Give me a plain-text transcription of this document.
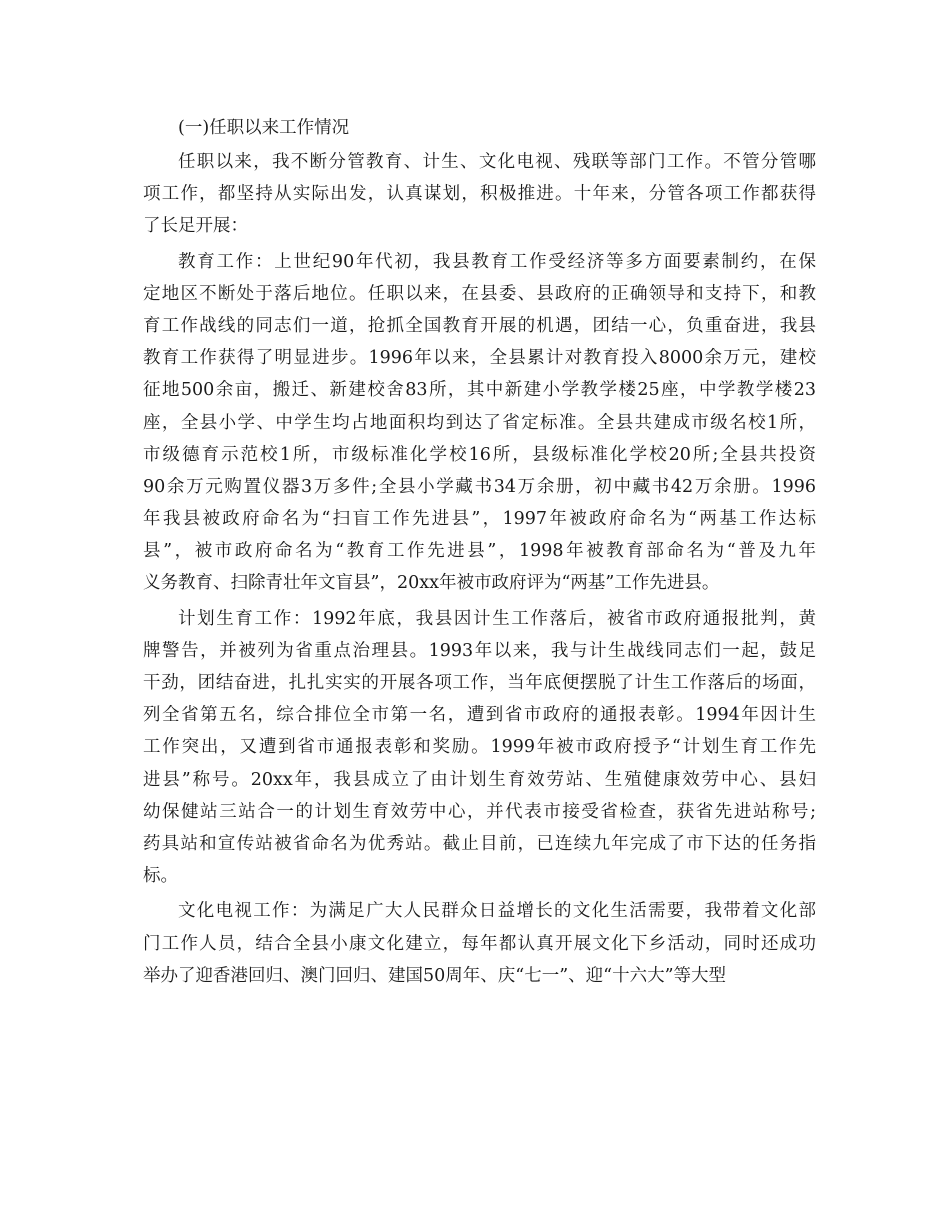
(一)任职以来工作情况
任职以来，我不断分管教育、计生、文化电视、残联等部门工作。不管分管哪
项工作，都坚持从实际出发，认真谋划，积极推进。十年来，分管各项工作都获得
了长足开展：
教育工作：上世纪90年代初，我县教育工作受经济等多方面要素制约，在保
定地区不断处于落后地位。任职以来，在县委、县政府的正确领导和支持下，和教
育工作战线的同志们一道，抢抓全国教育开展的机遇，团结一心，负重奋进，我县
教育工作获得了明显进步。1996年以来，全县累计对教育投入8000余万元，建校
征地500余亩，搬迁、新建校舍83所，其中新建小学教学楼25座，中学教学楼23
座，全县小学、中学生均占地面积均到达了省定标准。全县共建成市级名校1所，
市级德育示范校1所，市级标准化学校16所，县级标准化学校20所;全县共投资
90余万元购置仪器3万多件;全县小学藏书34万余册，初中藏书42万余册。1996
年我县被政府命名为“扫盲工作先进县”，1997年被政府命名为“两基工作达标
县”，被市政府命名为“教育工作先进县”，1998年被教育部命名为“普及九年
义务教育、扫除青壮年文盲县”，20xx年被市政府评为“两基”工作先进县。
计划生育工作：1992年底，我县因计生工作落后，被省市政府通报批判，黄
牌警告，并被列为省重点治理县。1993年以来，我与计生战线同志们一起，鼓足
干劲，团结奋进，扎扎实实的开展各项工作，当年底便摆脱了计生工作落后的场面，
列全省第五名，综合排位全市第一名，遭到省市政府的通报表彰。1994年因计生
工作突出，又遭到省市通报表彰和奖励。1999年被市政府授予“计划生育工作先
进县”称号。20xx年，我县成立了由计划生育效劳站、生殖健康效劳中心、县妇
幼保健站三站合一的计划生育效劳中心，并代表市接受省检查，获省先进站称号;
药具站和宣传站被省命名为优秀站。截止目前，已连续九年完成了市下达的任务指
标。
文化电视工作：为满足广大人民群众日益增长的文化生活需要，我带着文化部
门工作人员，结合全县小康文化建立，每年都认真开展文化下乡活动，同时还成功
举办了迎香港回归、澳门回归、建国50周年、庆“七一”、迎“十六大”等大型
